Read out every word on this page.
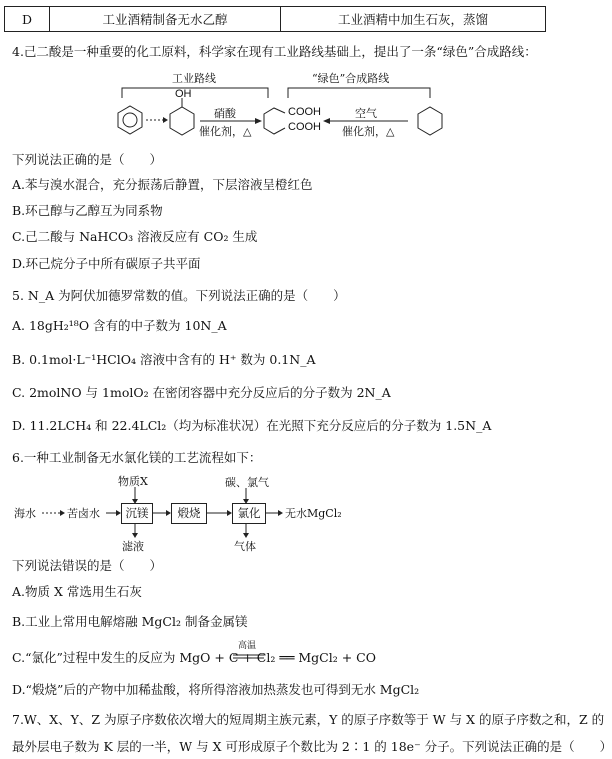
D	工业酒精制备无水乙醇	工业酒精中加生石灰，蒸馏
4.己二酸是一种重要的化工原料，科学家在现有工业路线基础上，提出了一条“绿色”合成路线：
工业路线	“绿色”合成路线
OH
硝酸
催化剂，△
COOH
COOH
空气
催化剂，△
下列说法正确的是（　　）
A.苯与溴水混合，充分振荡后静置，下层溶液呈橙红色
B.环己醇与乙醇互为同系物
C.己二酸与 NaHCO₃ 溶液反应有 CO₂ 生成
D.环己烷分子中所有碳原子共平面
5. N_A 为阿伏加德罗常数的值。下列说法正确的是（　　）
A. 18gH₂¹⁸O 含有的中子数为 10N_A
B. 0.1mol·L⁻¹HClO₄ 溶液中含有的 H⁺ 数为 0.1N_A
C. 2molNO 与 1molO₂ 在密闭容器中充分反应后的分子数为 2N_A
D. 11.2LCH₄ 和 22.4LCl₂（均为标准状况）在光照下充分反应后的分子数为 1.5N_A
6.一种工业制备无水氯化镁的工艺流程如下：
海水	苦卤水
物质X
沉镁
滤液
煅烧
碳、氯气
氯化
气体
无水MgCl₂
下列说法错误的是（　　）
A.物质 X 常选用生石灰
B.工业上常用电解熔融 MgCl₂ 制备金属镁
高温
C.“氯化”过程中发生的反应为 MgO + C + Cl₂ ══ MgCl₂ + CO
D.“煅烧”后的产物中加稀盐酸，将所得溶液加热蒸发也可得到无水 MgCl₂
7.W、X、Y、Z 为原子序数依次增大的短周期主族元素，Y 的原子序数等于 W 与 X 的原子序数之和，Z 的
最外层电子数为 K 层的一半，W 与 X 可形成原子个数比为 2∶1 的 18e⁻ 分子。下列说法正确的是（　　）
